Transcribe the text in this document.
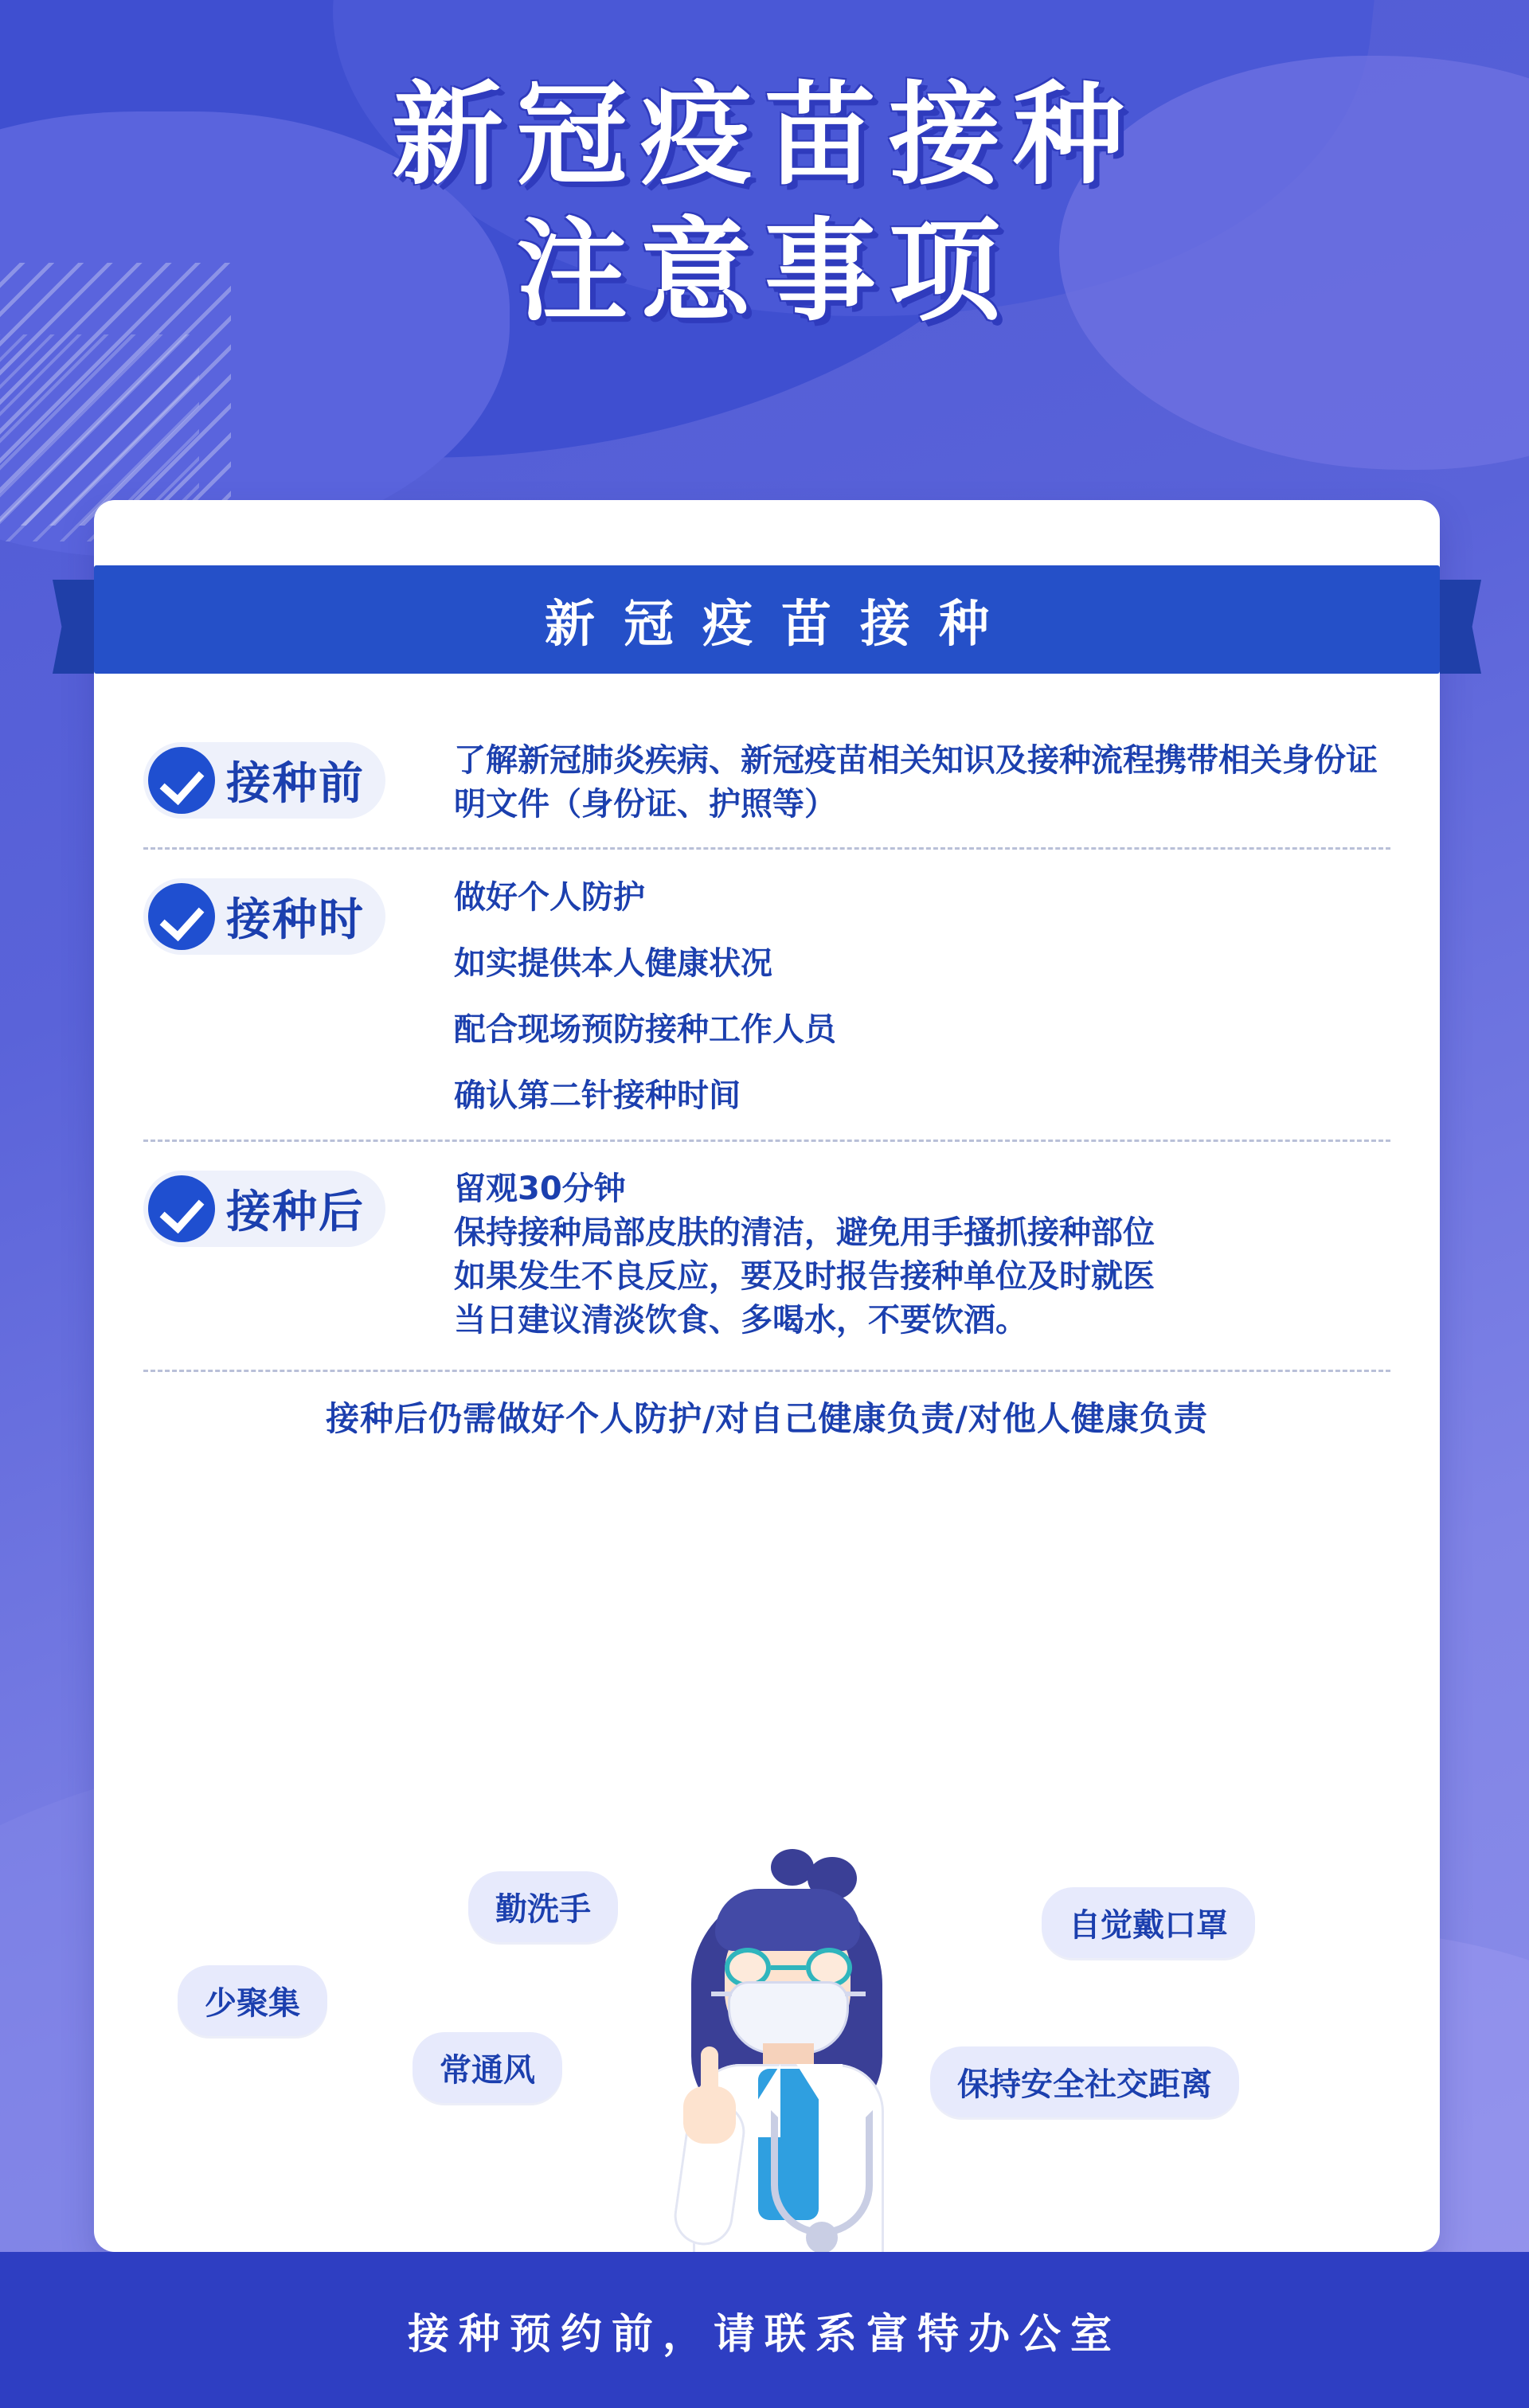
新冠疫苗接种
注意事项
新冠疫苗接种
接种前	了解新冠肺炎疾病、新冠疫苗相关知识及接种流程携带相关身份证明文件（身份证、护照等）

接种时	做好个人防护

如实提供本人健康状况

配合现场预防接种工作人员

确认第二针接种时间

接种后	留观30分钟

保持接种局部皮肤的清洁，避免用手搔抓接种部位

如果发生不良反应，要及时报告接种单位及时就医

当日建议清淡饮食、多喝水，不要饮酒。

接种后仍需做好个人防护/对自己健康负责/对他人健康负责
勤洗手	自觉戴口罩
少聚集
常通风	保持安全社交距离
接种预约前，请联系富特办公室
